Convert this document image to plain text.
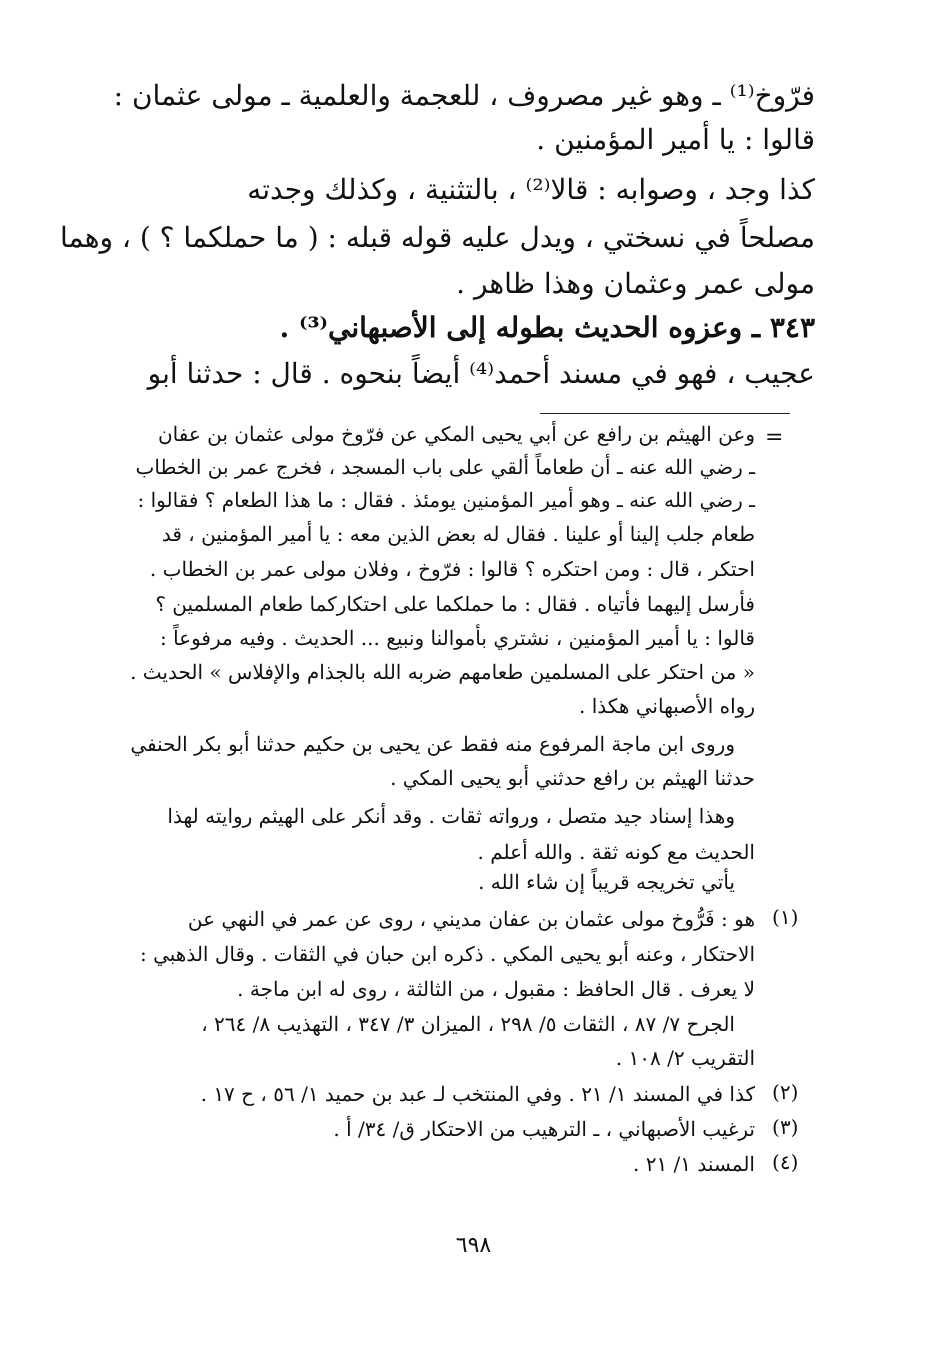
فرّوخ⁽¹⁾ ـ وهو غير مصروف ، للعجمة والعلمية ـ مولى عثمان :
قالوا : يا أمير المؤمنين .
كذا وجد ، وصوابه : قالا⁽²⁾ ، بالتثنية ، وكذلك وجدته
مصلحاً في نسختي ، ويدل عليه قوله قبله : ( ما حملكما ؟ ) ، وهما
مولى عمر وعثمان وهذا ظاهر .
٣٤٣ ـ وعزوه الحديث بطوله إلى الأصبهاني⁽³⁾ .
عجيب ، فهو في مسند أحمد⁽⁴⁾ أيضاً بنحوه . قال : حدثنا أبو
=
وعن الهيثم بن رافع عن أبي يحيى المكي عن فرّوخ مولى عثمان بن عفان
ـ رضي الله عنه ـ أن طعاماً ألقي على باب المسجد ، فخرج عمر بن الخطاب
ـ رضي الله عنه ـ وهو أمير المؤمنين يومئذ . فقال : ما هذا الطعام ؟ فقالوا :
طعام جلب إلينا أو علينا . فقال له بعض الذين معه : يا أمير المؤمنين ، قد
احتكر ، قال : ومن احتكره ؟ قالوا : فرّوخ ، وفلان مولى عمر بن الخطاب .
فأرسل إليهما فأتياه . فقال : ما حملكما على احتكاركما طعام المسلمين ؟
قالوا : يا أمير المؤمنين ، نشتري بأموالنا ونبيع ... الحديث . وفيه مرفوعاً :
« من احتكر على المسلمين طعامهم ضربه الله بالجذام والإفلاس » الحديث .
رواه الأصبهاني هكذا .
وروى ابن ماجة المرفوع منه فقط عن يحيى بن حكيم حدثنا أبو بكر الحنفي
حدثنا الهيثم بن رافع حدثني أبو يحيى المكي .
وهذا إسناد جيد متصل ، ورواته ثقات . وقد أنكر على الهيثم روايته لهذا
الحديث مع كونه ثقة . والله أعلم .
يأتي تخريجه قريباً إن شاء الله .
(١)
هو : فَرُّوخ مولى عثمان بن عفان مديني ، روى عن عمر في النهي عن
الاحتكار ، وعنه أبو يحيى المكي . ذكره ابن حبان في الثقات . وقال الذهبي :
لا يعرف . قال الحافظ : مقبول ، من الثالثة ، روى له ابن ماجة .
الجرح ٧/ ٨٧ ، الثقات ٥/ ٢٩٨ ، الميزان ٣/ ٣٤٧ ، التهذيب ٨/ ٢٦٤ ،
التقريب ٢/ ١٠٨ .
(٢)
كذا في المسند ١/ ٢١ . وفي المنتخب لـ عبد بن حميد ١/ ٥٦ ، ح ١٧ .
(٣)
ترغيب الأصبهاني ، ـ الترهيب من الاحتكار ق/ ٣٤/ أ .
(٤)
المسند ١/ ٢١ .
٦٩٨
